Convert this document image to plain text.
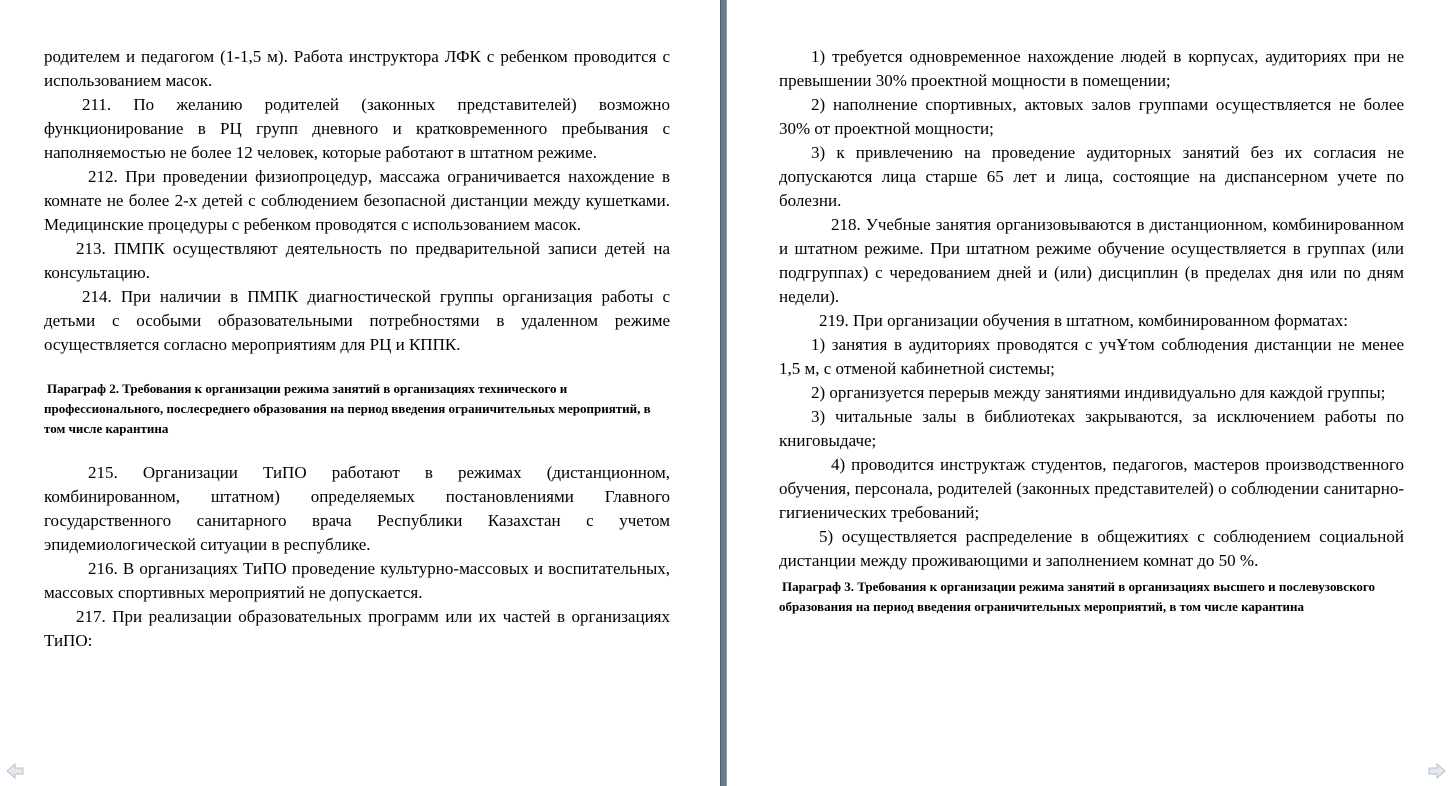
родителем и педагогом (1-1,5 м). Работа инструктора ЛФК с ребенком проводится с использованием масок.

211. По желанию родителей (законных представителей) возможно функционирование в РЦ групп дневного и кратковременного пребывания с наполняемостью не более 12 человек, которые работают в штатном режиме.

212. При проведении физиопроцедур, массажа ограничивается нахождение в комнате не более 2-х детей с соблюдением безопасной дистанции между кушетками. Медицинские процедуры с ребенком проводятся с использованием масок.

213. ПМПК осуществляют деятельность по предварительной записи детей на консультацию.

214. При наличии в ПМПК диагностической группы организация работы с детьми с особыми образовательными потребностями в удаленном режиме осуществляется согласно мероприятиям для РЦ и КППК.

Параграф 2. Требования к организации режима занятий в организациях технического и профессионального, послесреднего образования на период введения ограничительных мероприятий, в том числе карантина

215. Организации ТиПО работают в режимах (дистанционном, комбинированном, штатном) определяемых постановлениями Главного государственного санитарного врача Республики Казахстан с учетом эпидемиологической ситуации в республике.

216. В организациях ТиПО проведение культурно-массовых и воспитательных, массовых спортивных мероприятий не допускается.

217. При реализации образовательных программ или их частей в организациях ТиПО:

1) требуется одновременное нахождение людей в корпусах, аудиториях при не превышении 30% проектной мощности в помещении;

2) наполнение спортивных, актовых залов группами осуществляется не более 30% от проектной мощности;

3) к привлечению на проведение аудиторных занятий без их согласия не допускаются лица старше 65 лет и лица, состоящие на диспансерном учете по болезни.

218. Учебные занятия организовываются в дистанционном, комбинированном и штатном режиме. При штатном режиме обучение осуществляется в группах (или подгруппах) с чередованием дней и (или) дисциплин (в пределах дня или по дням недели).

219. При организации обучения в штатном, комбинированном форматах:

1) занятия в аудиториях проводятся с учҰтом соблюдения дистанции не менее 1,5 м, с отменой кабинетной системы;

2) организуется перерыв между занятиями индивидуально для каждой группы;

3) читальные залы в библиотеках закрываются, за исключением работы по книговыдаче;

4) проводится инструктаж студентов, педагогов, мастеров производственного обучения, персонала, родителей (законных представителей) о соблюдении санитарно-гигиенических требований;

5) осуществляется распределение в общежитиях с соблюдением социальной дистанции между проживающими и заполнением комнат до 50 %.

Параграф 3. Требования к организации режима занятий в организациях высшего и послевузовского образования на период введения ограничительных мероприятий, в том числе карантина
